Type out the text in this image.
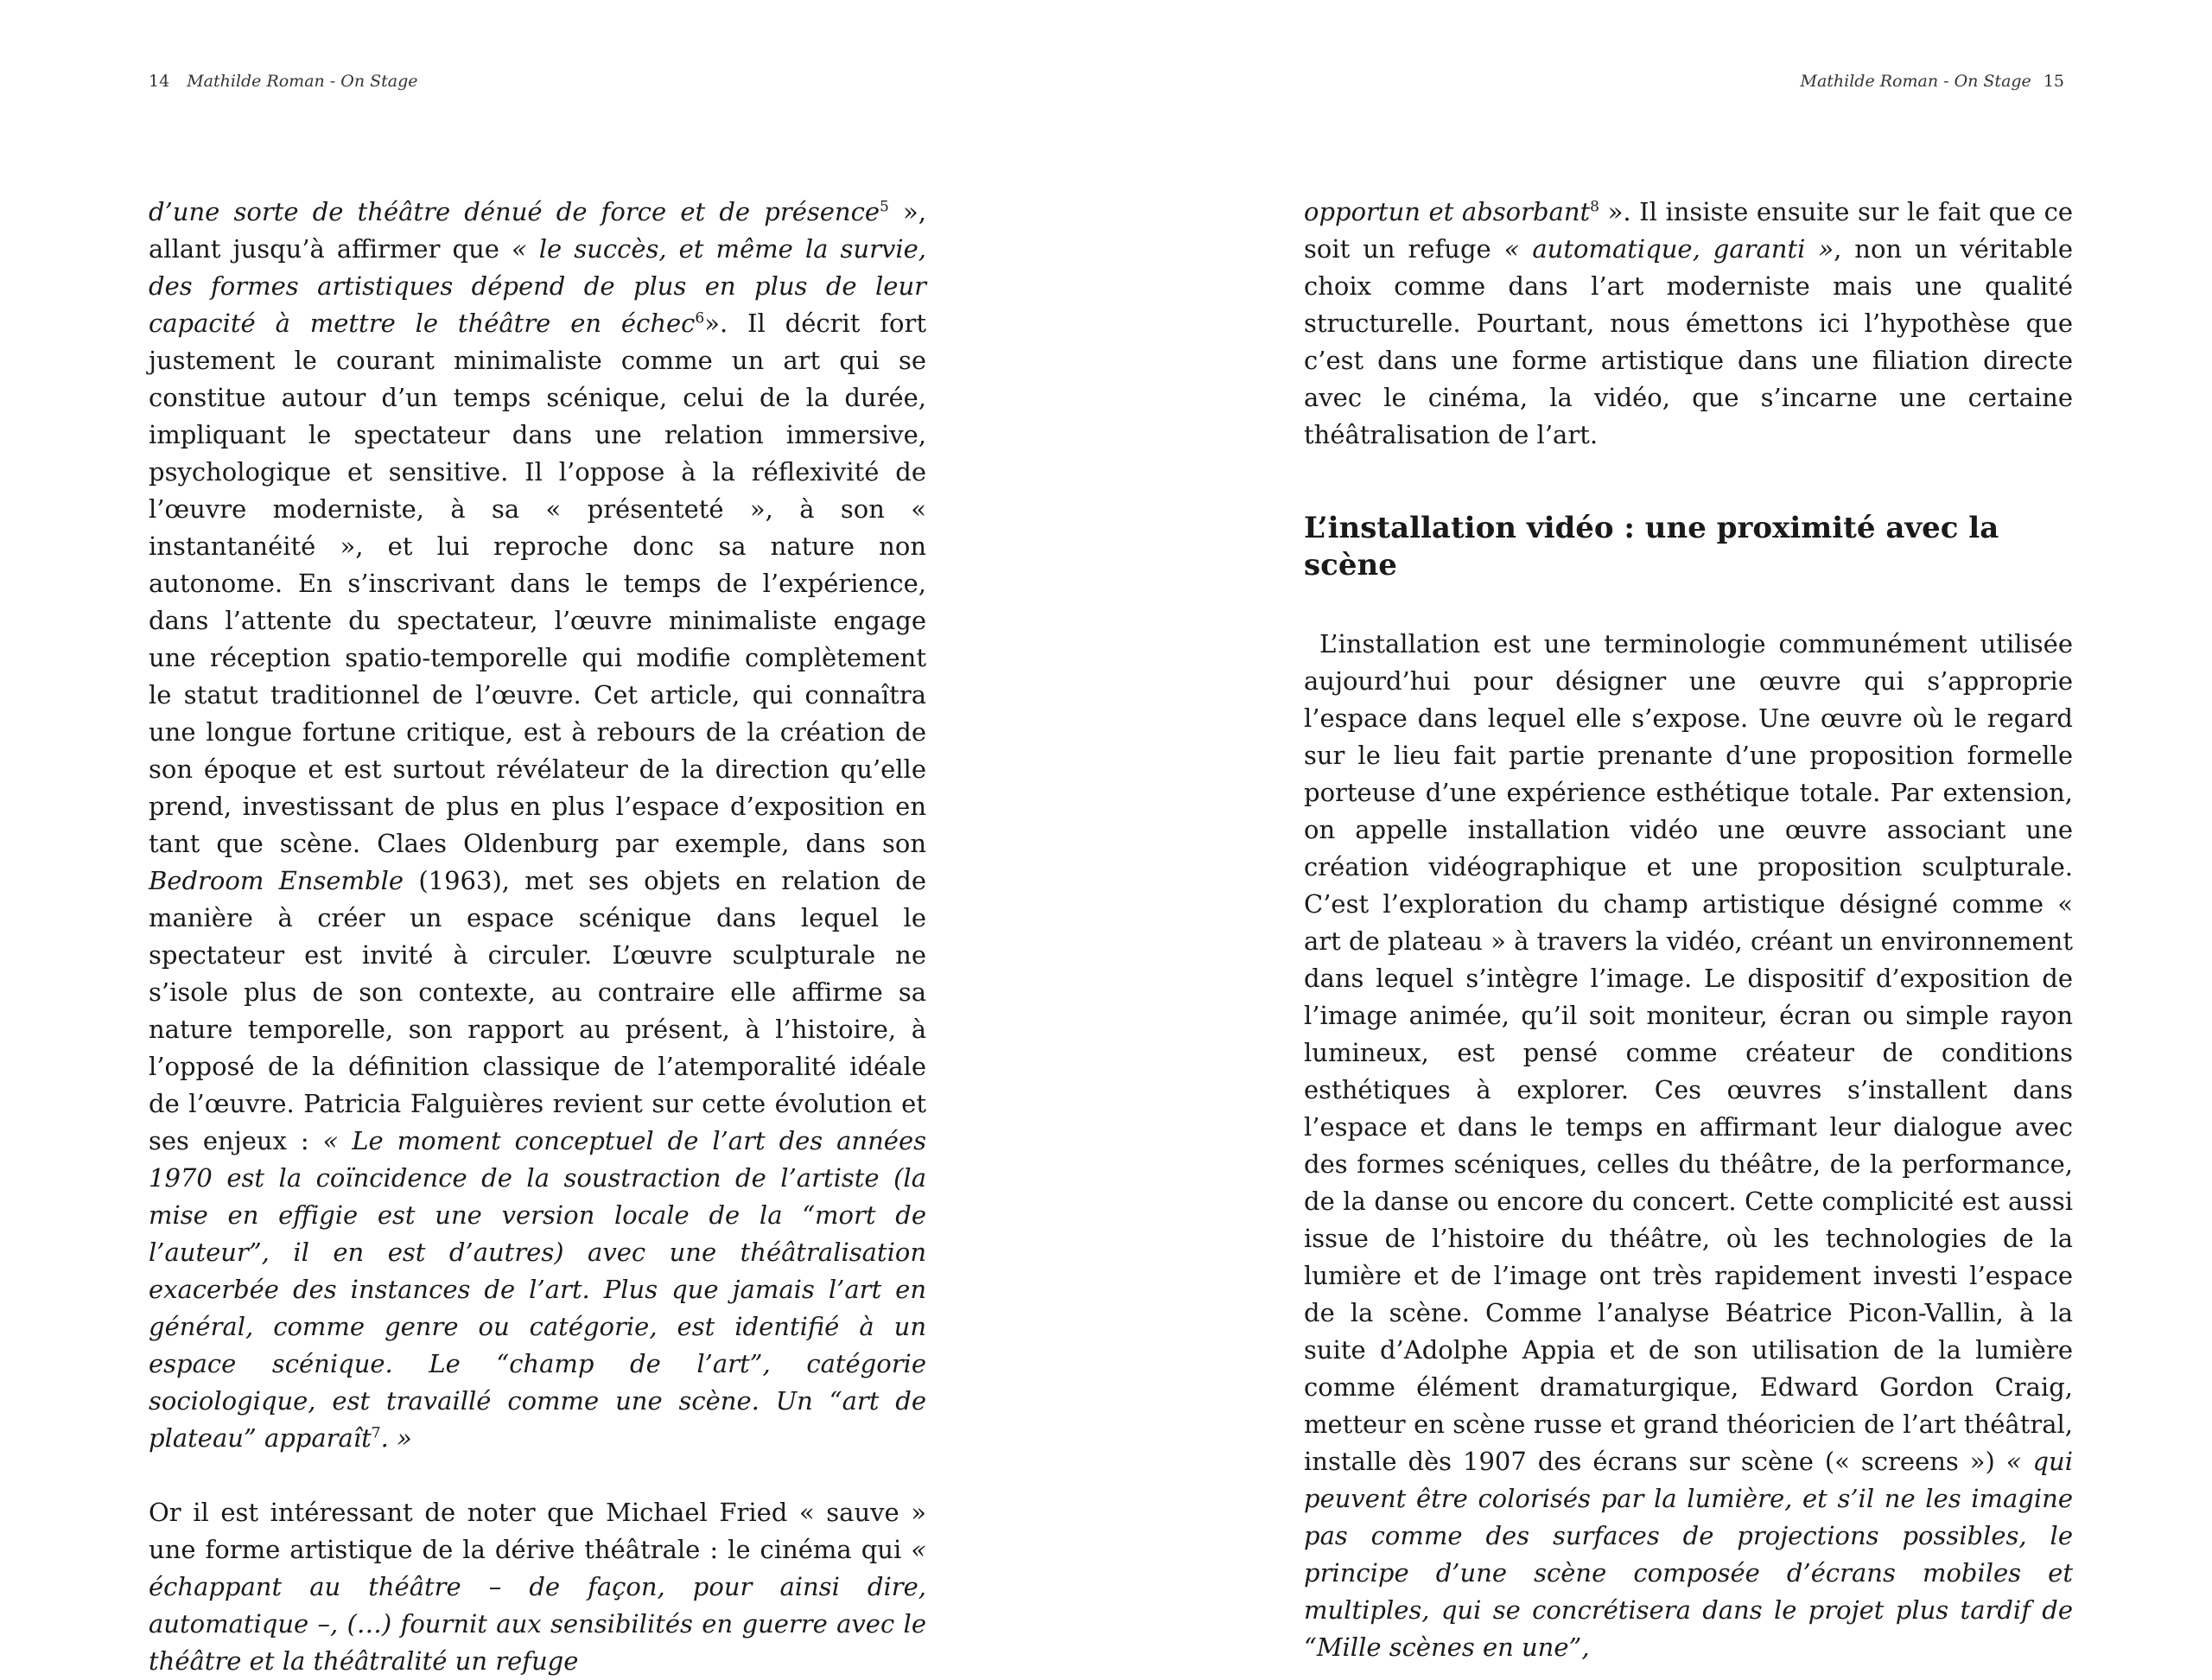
14 Mathilde Roman - On Stage

d’une sorte de théâtre dénué de force et de présence$^5$ », allant jusqu’à affirmer que « le succès, et même la survie, des formes artistiques dépend de plus en plus de leur capacité à mettre le théâtre en échec$^6$». Il décrit fort justement le courant minimaliste comme un art qui se constitue autour d’un temps scénique, celui de la durée, impliquant le spectateur dans une relation immersive, psychologique et sensitive. Il l’oppose à la réflexivité de l’œuvre moderniste, à sa « présenteté », à son « instantanéité », et lui reproche donc sa nature non autonome. En s’inscrivant dans le temps de l’expérience, dans l’attente du spectateur, l’œuvre minimaliste engage une réception spatio-temporelle qui modifie complètement le statut traditionnel de l’œuvre. Cet article, qui connaîtra une longue fortune critique, est à rebours de la création de son époque et est surtout révélateur de la direction qu’elle prend, investissant de plus en plus l’espace d’exposition en tant que scène. Claes Oldenburg par exemple, dans son Bedroom Ensemble (1963), met ses objets en relation de manière à créer un espace scénique dans lequel le spectateur est invité à circuler. L’œuvre sculpturale ne s’isole plus de son contexte, au contraire elle affirme sa nature temporelle, son rapport au présent, à l’histoire, à l’opposé de la définition classique de l’atemporalité idéale de l’œuvre. Patricia Falguières revient sur cette évolution et ses enjeux : « Le moment conceptuel de l’art des années 1970 est la coïncidence de la soustraction de l’artiste (la mise en effigie est une version locale de la “mort de l’auteur”, il en est d’autres) avec une théâtralisation exacerbée des instances de l’art. Plus que jamais l’art en général, comme genre ou catégorie, est identifié à un espace scénique. Le “champ de l’art”, catégorie sociologique, est travaillé comme une scène. Un “art de plateau” apparaît$^7$. »

Or il est intéressant de noter que Michael Fried « sauve » une forme artistique de la dérive théâtrale : le cinéma qui « échappant au théâtre – de façon, pour ainsi dire, automatique –, (…) fournit aux sensibilités en guerre avec le théâtre et la théâtralité un refuge

Mathilde Roman - On Stage 15

opportun et absorbant$^8$ ». Il insiste ensuite sur le fait que ce soit un refuge « automatique, garanti », non un véritable choix comme dans l’art moderniste mais une qualité structurelle. Pourtant, nous émettons ici l’hypothèse que c’est dans une forme artistique dans une filiation directe avec le cinéma, la vidéo, que s’incarne une certaine théâtralisation de l’art.

L’installation vidéo : une proximité avec la scène

L’installation est une terminologie communément utilisée aujourd’hui pour désigner une œuvre qui s’approprie l’espace dans lequel elle s’expose. Une œuvre où le regard sur le lieu fait partie prenante d’une proposition formelle porteuse d’une expérience esthétique totale. Par extension, on appelle installation vidéo une œuvre associant une création vidéographique et une proposition sculpturale. C’est l’exploration du champ artistique désigné comme « art de plateau » à travers la vidéo, créant un environnement dans lequel s’intègre l’image. Le dispositif d’exposition de l’image animée, qu’il soit moniteur, écran ou simple rayon lumineux, est pensé comme créateur de conditions esthétiques à explorer. Ces œuvres s’installent dans l’espace et dans le temps en affirmant leur dialogue avec des formes scéniques, celles du théâtre, de la performance, de la danse ou encore du concert. Cette complicité est aussi issue de l’histoire du théâtre, où les technologies de la lumière et de l’image ont très rapidement investi l’espace de la scène. Comme l’analyse Béatrice Picon-Vallin, à la suite d’Adolphe Appia et de son utilisation de la lumière comme élément dramaturgique, Edward Gordon Craig, metteur en scène russe et grand théoricien de l’art théâtral, installe dès 1907 des écrans sur scène (« screens ») « qui peuvent être colorisés par la lumière, et s’il ne les imagine pas comme des surfaces de projections possibles, le principe d’une scène composée d’écrans mobiles et multiples, qui se concrétisera dans le projet plus tardif de “Mille scènes en une”,
